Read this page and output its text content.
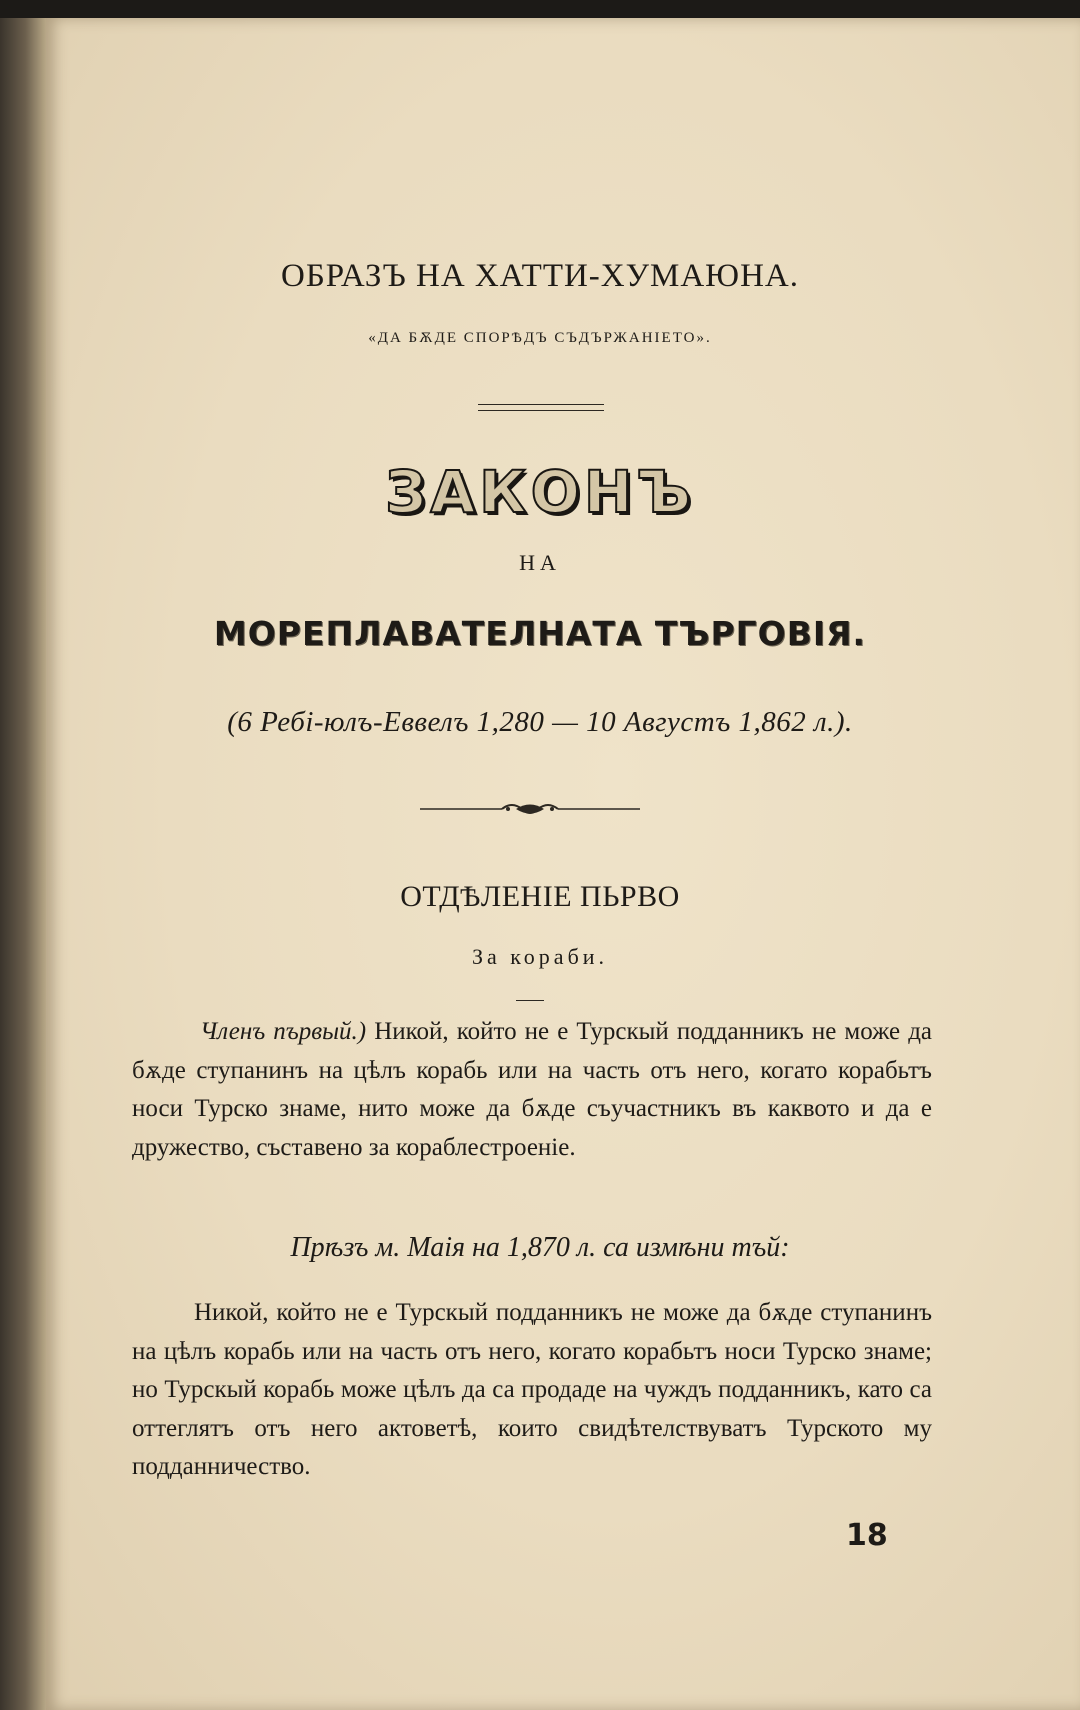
ОБРАЗЪ НА ХАТТИ-ХУМАЮНА.
«ДА БѪДЕ СПОРѢДЪ СЪДЪРЖАНІЕТО».
ЗАКОНЪ
НА
МОРЕПЛАВАТЕЛНАТА ТЪРГОВІЯ.
(6 Ребі-юлъ-Еввелъ 1,280 — 10 Августъ 1,862 л.).
ОТДѢЛЕНІЕ ПЬРВО
За кораби.
Членъ първый.) Никой, който не е Турскый подданникъ не може да бѫде ступанинъ на цѣлъ корабь или на часть отъ него, когато корабьтъ носи Турско знаме, нито може да бѫде съучастникъ въ каквото и да е дружество, съставено за кораблестроеніе.
Прѣзъ м. Маія на 1,870 л. са измѣни тъй:
Никой, който не е Турскый подданникъ не може да бѫде ступанинъ на цѣлъ корабь или на часть отъ него, когато корабьтъ носи Турско знаме; но Турскый корабь може цѣлъ да са продаде на чуждъ подданникъ, като са оттеглятъ отъ него актоветѣ, които свидѣтелствуватъ Турското му подданничество.
18
